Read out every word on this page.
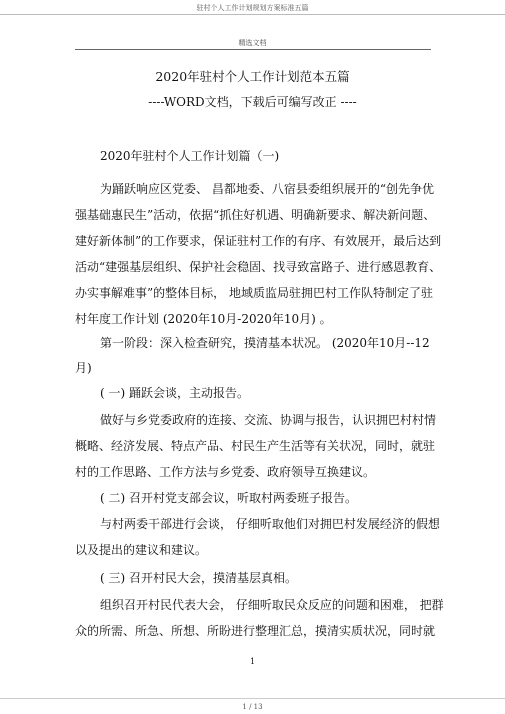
驻村个人工作计划规划方案标准五篇
精选文档
2020年驻村个人工作计划范本五篇
----WORD文档，下载后可编写改正 ----
2020年驻村个人工作计划篇（一)
为踊跃响应区党委、 昌都地委、八宿县委组织展开的“创先争优
强基础惠民生”活动，依据“抓住好机遇、明确新要求、解决新问题、
建好新体制”的工作要求，保证驻村工作的有序、有效展开，最后达到
活动“建强基层组织、保护社会稳固、找寻致富路子、进行感恩教育、
办实事解难事”的整体目标， 地域质监局驻拥巴村工作队特制定了驻
村年度工作计划 (2020年10月-2020年10月) 。
第一阶段：深入检查研究，摸清基本状况。 (2020年10月--12
月)
( 一) 踊跃会谈，主动报告。
做好与乡党委政府的连接、交流、协调与报告，认识拥巴村村情
概略、经济发展、特点产品、村民生产生活等有关状况，同时，就驻
村的工作思路、工作方法与乡党委、政府领导互换建议。
( 二) 召开村党支部会议，听取村两委班子报告。
与村两委干部进行会谈， 仔细听取他们对拥巴村发展经济的假想
以及提出的建议和建议。
( 三) 召开村民大会，摸清基层真相。
组织召开村民代表大会， 仔细听取民众反应的问题和困难， 把群
众的所需、所急、所想、所盼进行整理汇总，摸清实质状况，同时就
1
1 / 13
